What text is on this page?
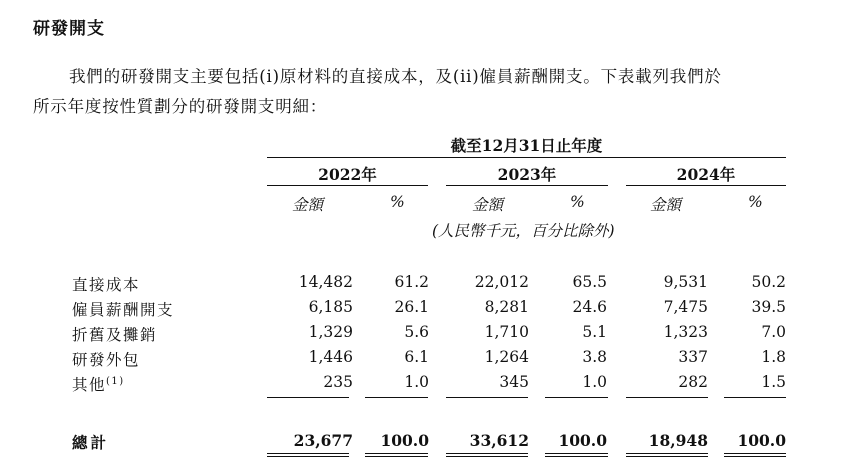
研發開支
我們的研發開支主要包括(i)原材料的直接成本，及(ii)僱員薪酬開支。下表載列我們於
所示年度按性質劃分的研發開支明細：
截至12月31日止年度
2022年	2023年	2024年
金額	%	金額	%	金額	%
(人民幣千元，百分比除外)
直接成本	14,482	61.2	22,012	65.5	9,531	50.2
僱員薪酬開支	6,185	26.1	8,281	24.6	7,475	39.5
折舊及攤銷	1,329	5.6	1,710	5.1	1,323	7.0
研發外包	1,446	6.1	1,264	3.8	337	1.8
其他$^{(1)}$	235	1.0	345	1.0	282	1.5
總計	23,677 100.0	33,612 100.0	18,948 100.0
